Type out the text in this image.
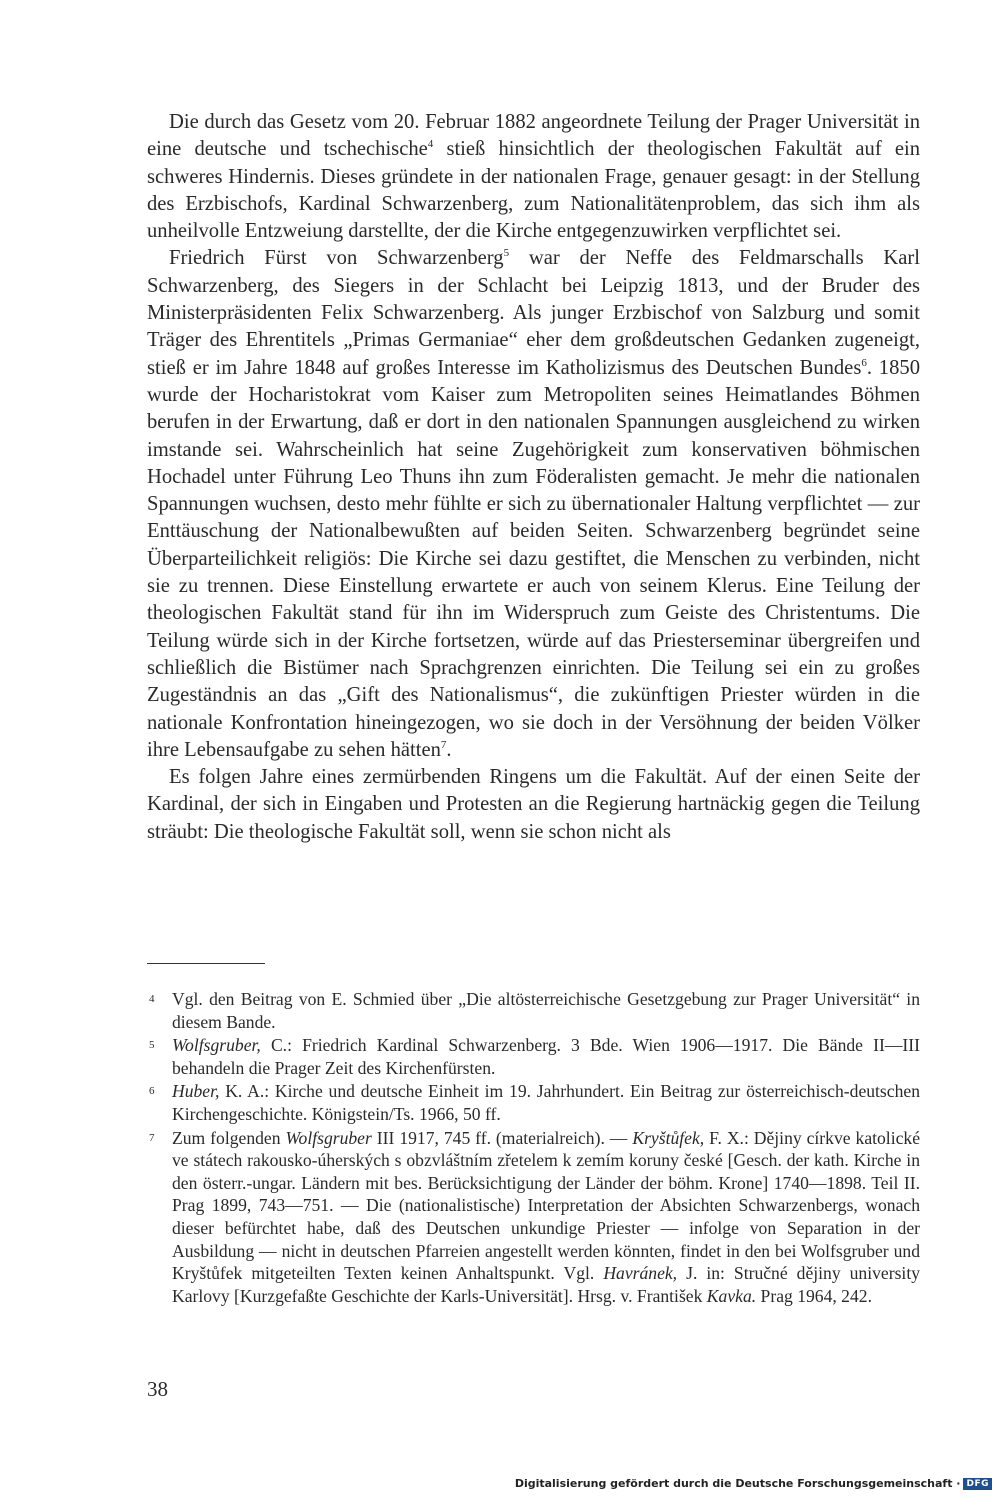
Die durch das Gesetz vom 20. Februar 1882 angeordnete Teilung der Prager Universität in eine deutsche und tschechische$^4$ stieß hinsichtlich der theologischen Fakultät auf ein schweres Hindernis. Dieses gründete in der nationalen Frage, genauer gesagt: in der Stellung des Erzbischofs, Kardinal Schwarzenberg, zum Nationalitätenproblem, das sich ihm als unheilvolle Entzweiung darstellte, der die Kirche entgegenzuwirken verpflichtet sei.

Friedrich Fürst von Schwarzenberg$^5$ war der Neffe des Feldmarschalls Karl Schwarzenberg, des Siegers in der Schlacht bei Leipzig 1813, und der Bruder des Ministerpräsidenten Felix Schwarzenberg. Als junger Erzbischof von Salzburg und somit Träger des Ehrentitels „Primas Germaniae“ eher dem großdeutschen Gedanken zugeneigt, stieß er im Jahre 1848 auf großes Interesse im Katholizismus des Deutschen Bundes$^6$. 1850 wurde der Hocharistokrat vom Kaiser zum Metropoliten seines Heimatlandes Böhmen berufen in der Erwartung, daß er dort in den nationalen Spannungen ausgleichend zu wirken imstande sei. Wahrscheinlich hat seine Zugehörigkeit zum konservativen böhmischen Hochadel unter Führung Leo Thuns ihn zum Föderalisten gemacht. Je mehr die nationalen Spannungen wuchsen, desto mehr fühlte er sich zu übernationaler Haltung verpflichtet — zur Enttäuschung der Nationalbewußten auf beiden Seiten. Schwarzenberg begründet seine Überparteilichkeit religiös: Die Kirche sei dazu gestiftet, die Menschen zu verbinden, nicht sie zu trennen. Diese Einstellung erwartete er auch von seinem Klerus. Eine Teilung der theologischen Fakultät stand für ihn im Widerspruch zum Geiste des Christentums. Die Teilung würde sich in der Kirche fortsetzen, würde auf das Priesterseminar übergreifen und schließlich die Bistümer nach Sprachgrenzen einrichten. Die Teilung sei ein zu großes Zugeständnis an das „Gift des Nationalismus“, die zukünftigen Priester würden in die nationale Konfrontation hineingezogen, wo sie doch in der Versöhnung der beiden Völker ihre Lebensaufgabe zu sehen hätten$^7$.

Es folgen Jahre eines zermürbenden Ringens um die Fakultät. Auf der einen Seite der Kardinal, der sich in Eingaben und Protesten an die Regierung hartnäckig gegen die Teilung sträubt: Die theologische Fakultät soll, wenn sie schon nicht als

4 Vgl. den Beitrag von E. Schmied über „Die altösterreichische Gesetzgebung zur Prager Universität“ in diesem Bande.
5 Wolfsgruber, C.: Friedrich Kardinal Schwarzenberg. 3 Bde. Wien 1906—1917. Die Bände II—III behandeln die Prager Zeit des Kirchenfürsten.
6 Huber, K. A.: Kirche und deutsche Einheit im 19. Jahrhundert. Ein Beitrag zur österreichisch-deutschen Kirchengeschichte. Königstein/Ts. 1966, 50 ff.
7 Zum folgenden Wolfsgruber III 1917, 745 ff. (materialreich). — Kryštůfek, F. X.: Dějiny církve katolické ve státech rakousko-úherských s obzvláštním zřetelem k zemím koruny české [Gesch. der kath. Kirche in den österr.-ungar. Ländern mit bes. Berücksichtigung der Länder der böhm. Krone] 1740—1898. Teil II. Prag 1899, 743—751. — Die (nationalistische) Interpretation der Absichten Schwarzenbergs, wonach dieser befürchtet habe, daß des Deutschen unkundige Priester — infolge von Separation in der Ausbildung — nicht in deutschen Pfarreien angestellt werden könnten, findet in den bei Wolfsgruber und Kryštůfek mitgeteilten Texten keinen Anhaltspunkt. Vgl. Havránek, J. in: Stručné dějiny university Karlovy [Kurzgefaßte Geschichte der Karls-Universität]. Hrsg. v. František Kavka. Prag 1964, 242.
38
Digitalisierung gefördert durch die Deutsche Forschungsgemeinschaft · DFG
